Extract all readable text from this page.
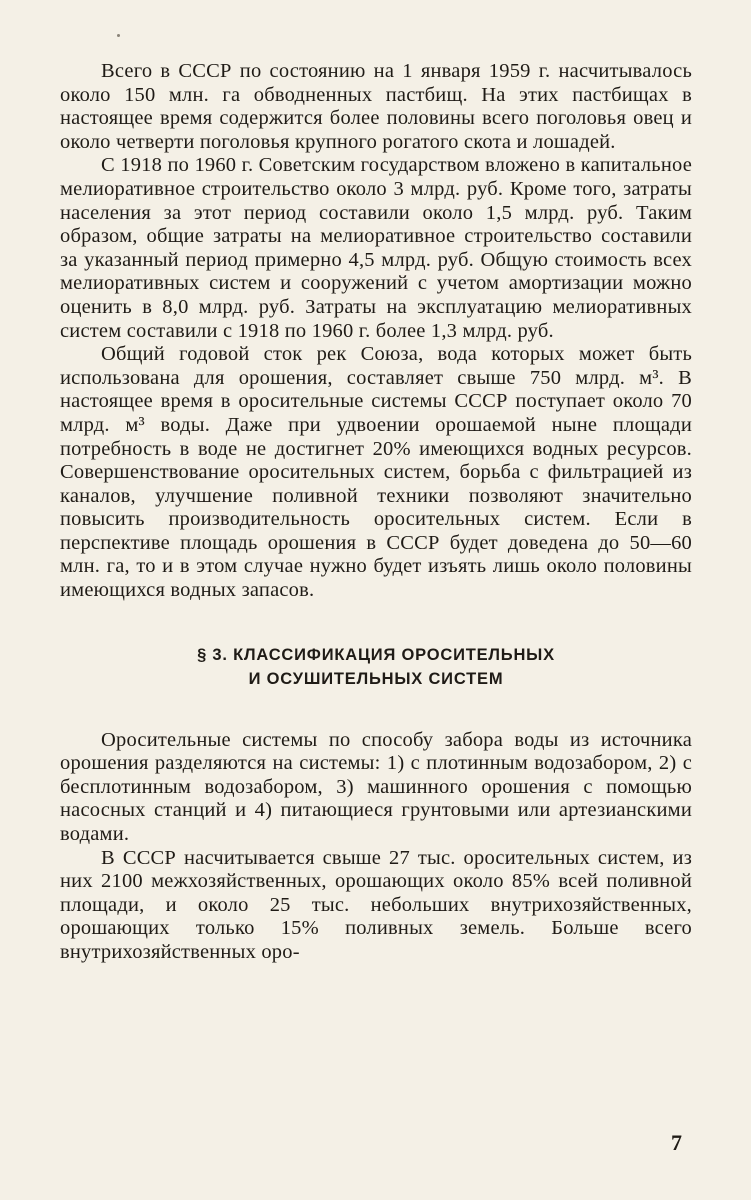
Всего в СССР по состоянию на 1 января 1959 г. насчитывалось около 150 млн. га обводненных пастбищ. На этих пастбищах в настоящее время содержится более половины всего поголовья овец и около четверти поголовья крупного рогатого скота и лошадей.

С 1918 по 1960 г. Советским государством вложено в капитальное мелиоративное строительство около 3 млрд. руб. Кроме того, затраты населения за этот период составили около 1,5 млрд. руб. Таким образом, общие затраты на мелиоративное строительство составили за указанный период примерно 4,5 млрд. руб. Общую стоимость всех мелиоративных систем и сооружений с учетом амортизации можно оценить в 8,0 млрд. руб. Затраты на эксплуатацию мелиоративных систем составили с 1918 по 1960 г. более 1,3 млрд. руб.

Общий годовой сток рек Союза, вода которых может быть использована для орошения, составляет свыше 750 млрд. м³. В настоящее время в оросительные системы СССР поступает около 70 млрд. м³ воды. Даже при удвоении орошаемой ныне площади потребность в воде не достигнет 20% имеющихся водных ресурсов. Совершенствование оросительных систем, борьба с фильтрацией из каналов, улучшение поливной техники позволяют значительно повысить производительность оросительных систем. Если в перспективе площадь орошения в СССР будет доведена до 50—60 млн. га, то и в этом случае нужно будет изъять лишь около половины имеющихся водных запасов.

§ 3. КЛАССИФИКАЦИЯ ОРОСИТЕЛЬНЫХ
И ОСУШИТЕЛЬНЫХ СИСТЕМ

Оросительные системы по способу забора воды из источника орошения разделяются на системы: 1) с плотинным водозабором, 2) с бесплотинным водозабором, 3) машинного орошения с помощью насосных станций и 4) питающиеся грунтовыми или артезианскими водами.

В СССР насчитывается свыше 27 тыс. оросительных систем, из них 2100 межхозяйственных, орошающих около 85% всей поливной площади, и около 25 тыс. небольших внутрихозяйственных, орошающих только 15% поливных земель. Больше всего внутрихозяйственных оро-

7
